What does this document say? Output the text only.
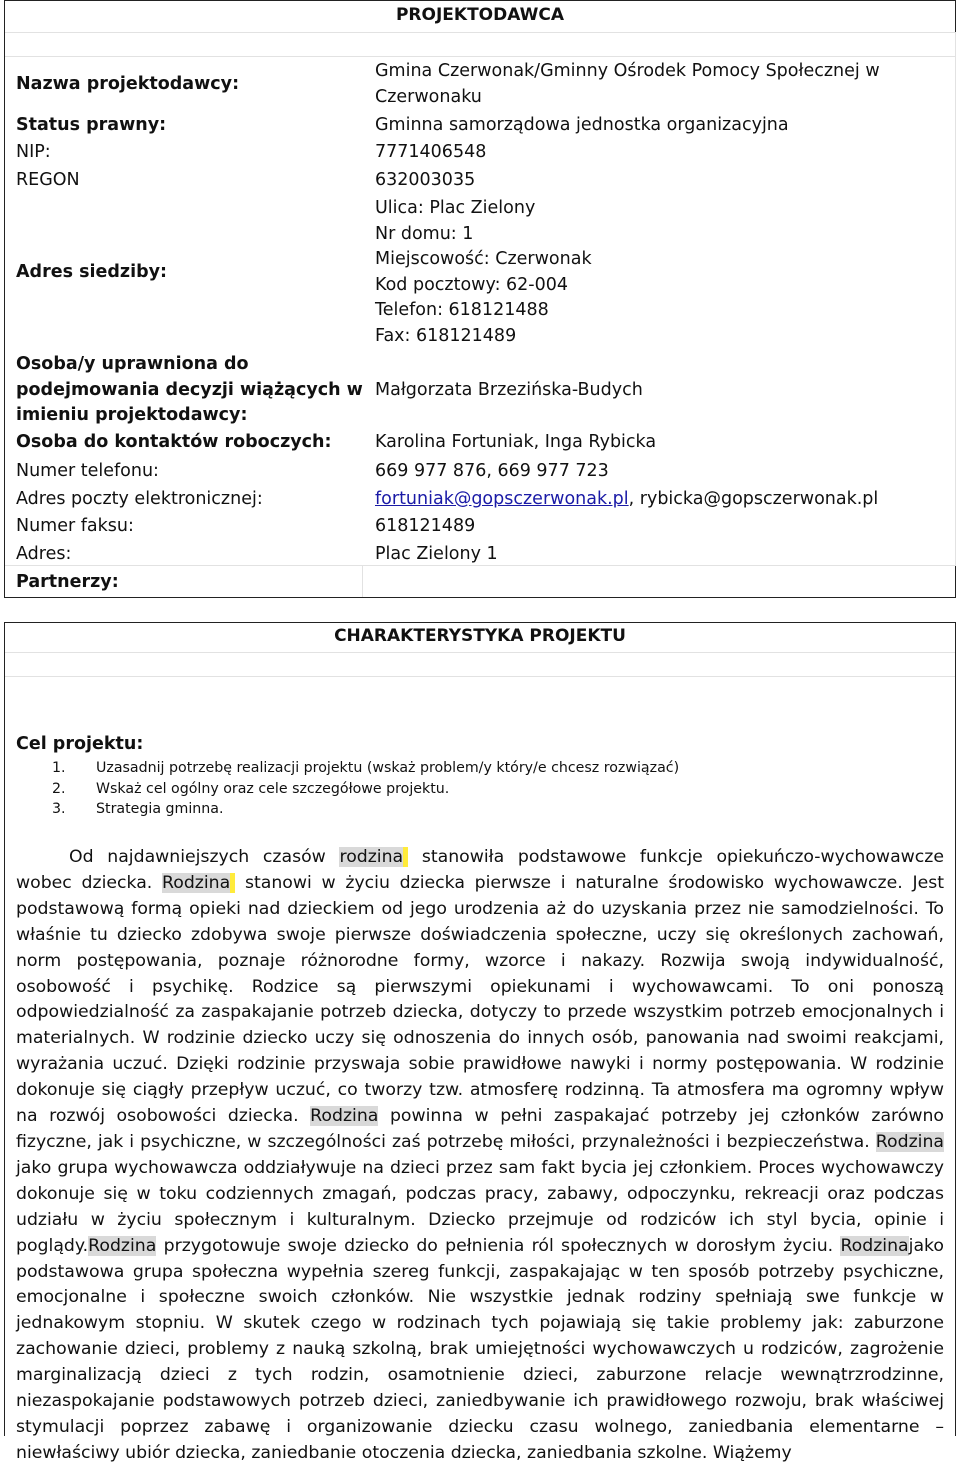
PROJEKTODAWCA
Nazwa projektodawcy:
Gmina Czerwonak/Gminny Ośrodek Pomocy Społecznej w
Czerwonaku
Status prawny:	Gminna samorządowa jednostka organizacyjna
NIP:	7771406548
REGON	632003035
Adres siedziby:
Ulica: Plac Zielony
Nr domu: 1
Miejscowość: Czerwonak
Kod pocztowy: 62-004
Telefon: 618121488
Fax: 618121489
Osoba/y uprawniona do
podejmowania decyzji wiążących w
imieniu projektodawcy:
Małgorzata Brzezińska-Budych
Osoba do kontaktów roboczych: Karolina Fortuniak, Inga Rybicka
Numer telefonu:	669 977 876, 669 977 723
Adres poczty elektronicznej:	fortuniak@gopsczerwonak.pl, rybicka@gopsczerwonak.pl
Numer faksu:	618121489
Adres:	Plac Zielony 1
Partnerzy:
CHARAKTERYSTYKA PROJEKTU
Cel projektu:
1. Uzasadnij potrzebę realizacji projektu (wskaż problem/y który/e chcesz rozwiązać)
2. Wskaż cel ogólny oraz cele szczegółowe projektu.
3. Strategia gminna.

Od najdawniejszych czasów rodzina stanowiła podstawowe funkcje opiekuńczo-wychowawcze wobec dziecka. Rodzina stanowi w życiu dziecka pierwsze i naturalne środowisko wychowawcze. Jest podstawową formą opieki nad dzieckiem od jego urodzenia aż do uzyskania przez nie samodzielności. To właśnie tu dziecko zdobywa swoje pierwsze doświadczenia społeczne, uczy się określonych zachowań, norm postępowania, poznaje różnorodne formy, wzorce i nakazy. Rozwija swoją indywidualność, osobowość i psychikę. Rodzice są pierwszymi opiekunami i wychowawcami. To oni ponoszą odpowiedzialność za zaspakajanie potrzeb dziecka, dotyczy to przede wszystkim potrzeb emocjonalnych i materialnych. W rodzinie dziecko uczy się odnoszenia do innych osób, panowania nad swoimi reakcjami, wyrażania uczuć. Dzięki rodzinie przyswaja sobie prawidłowe nawyki i normy postępowania. W rodzinie dokonuje się ciągły przepływ uczuć, co tworzy tzw. atmosferę rodzinną. Ta atmosfera ma ogromny wpływ na rozwój osobowości dziecka. Rodzina powinna w pełni zaspakajać potrzeby jej członków zarówno fizyczne, jak i psychiczne, w szczególności zaś potrzebę miłości, przynależności i bezpieczeństwa. Rodzina jako grupa wychowawcza oddziaływuje na dzieci przez sam fakt bycia jej członkiem. Proces wychowawczy dokonuje się w toku codziennych zmagań, podczas pracy, zabawy, odpoczynku, rekreacji oraz podczas udziału w życiu społecznym i kulturalnym. Dziecko przejmuje od rodziców ich styl bycia, opinie i poglądy.Rodzina przygotowuje swoje dziecko do pełnienia ról społecznych w dorosłym życiu. Rodzinajako podstawowa grupa społeczna wypełnia szereg funkcji, zaspakajając w ten sposób potrzeby psychiczne, emocjonalne i społeczne swoich członków. Nie wszystkie jednak rodziny spełniają swe funkcje w jednakowym stopniu. W skutek czego w rodzinach tych pojawiają się takie problemy jak: zaburzone zachowanie dzieci, problemy z nauką szkolną, brak umiejętności wychowawczych u rodziców, zagrożenie marginalizacją dzieci z tych rodzin, osamotnienie dzieci, zaburzone relacje wewnątrzrodzinne, niezaspokajanie podstawowych potrzeb dzieci, zaniedbywanie ich prawidłowego rozwoju, brak właściwej stymulacji poprzez zabawę i organizowanie dziecku czasu wolnego, zaniedbania elementarne – niewłaściwy ubiór dziecka, zaniedbanie otoczenia dziecka, zaniedbania szkolne. Wiążemy
